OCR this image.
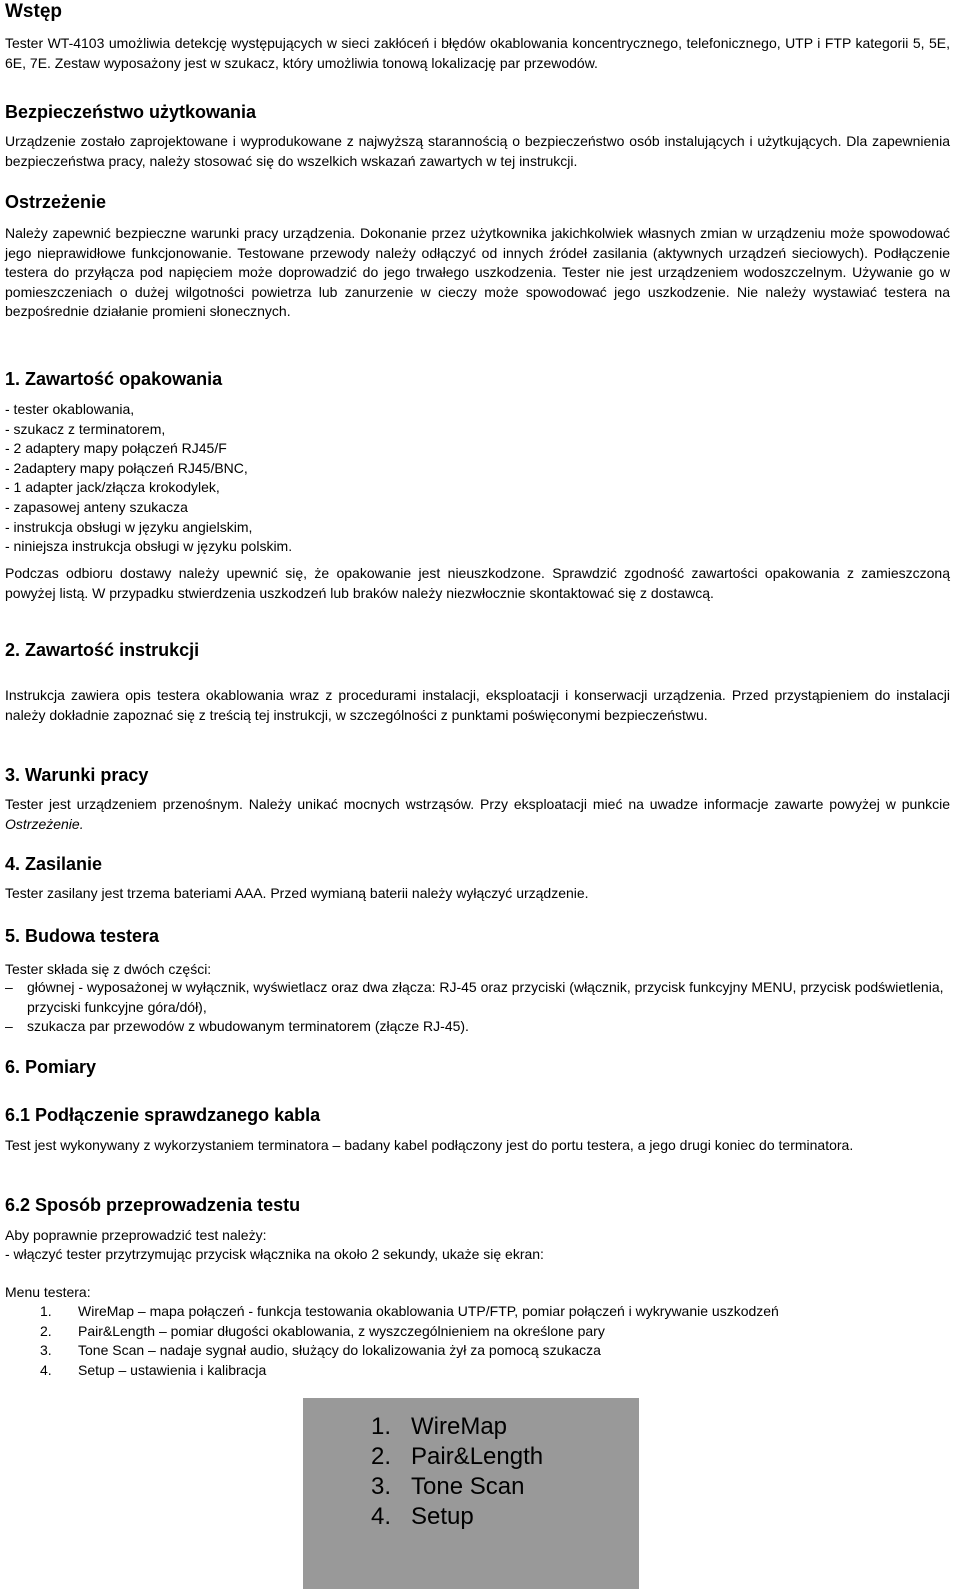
Wstęp

Tester WT-4103 umożliwia detekcję występujących w sieci zakłóceń i błędów okablowania koncentrycznego, telefonicznego, UTP i FTP kategorii 5, 5E, 6E, 7E. Zestaw wyposażony jest w szukacz, który umożliwia tonową lokalizację par przewodów.

Bezpieczeństwo użytkowania

Urządzenie zostało zaprojektowane i wyprodukowane z najwyższą starannością o bezpieczeństwo osób instalujących i użytkujących. Dla zapewnienia bezpieczeństwa pracy, należy stosować się do wszelkich wskazań zawartych w tej instrukcji.

Ostrzeżenie

Należy zapewnić bezpieczne warunki pracy urządzenia. Dokonanie przez użytkownika jakichkolwiek własnych zmian w urządzeniu może spowodować jego nieprawidłowe funkcjonowanie. Testowane przewody należy odłączyć od innych źródeł zasilania (aktywnych urządzeń sieciowych). Podłączenie testera do przyłącza pod napięciem może doprowadzić do jego trwałego uszkodzenia. Tester nie jest urządzeniem wodoszczelnym. Używanie go w pomieszczeniach o dużej wilgotności powietrza lub zanurzenie w cieczy może spowodować jego uszkodzenie. Nie należy wystawiać testera na bezpośrednie działanie promieni słonecznych.

1. Zawartość opakowania
- tester okablowania,
- szukacz z terminatorem,
- 2 adaptery mapy połączeń RJ45/F
- 2adaptery mapy połączeń RJ45/BNC,
- 1 adapter jack/złącza krokodylek,
- zapasowej anteny szukacza
- instrukcja obsługi w języku angielskim,
- niniejsza instrukcja obsługi w języku polskim.

Podczas odbioru dostawy należy upewnić się, że opakowanie jest nieuszkodzone. Sprawdzić zgodność zawartości opakowania z zamieszczoną powyżej listą. W przypadku stwierdzenia uszkodzeń lub braków należy niezwłocznie skontaktować się z dostawcą.

2. Zawartość instrukcji

Instrukcja zawiera opis testera okablowania wraz z procedurami instalacji, eksploatacji i konserwacji urządzenia. Przed przystąpieniem do instalacji należy dokładnie zapoznać się z treścią tej instrukcji, w szczególności z punktami poświęconymi bezpieczeństwu.

3. Warunki pracy

Tester jest urządzeniem przenośnym. Należy unikać mocnych wstrząsów. Przy eksploatacji mieć na uwadze informacje zawarte powyżej w punkcie Ostrzeżenie.

4. Zasilanie

Tester zasilany jest trzema bateriami AAA. Przed wymianą baterii należy wyłączyć urządzenie.

5. Budowa testera

Tester składa się z dwóch części:

– głównej - wyposażonej w wyłącznik, wyświetlacz oraz dwa złącza: RJ-45 oraz przyciski (włącznik, przycisk funkcyjny MENU, przycisk podświetlenia, przyciski funkcyjne góra/dół),
– szukacza par przewodów z wbudowanym terminatorem (złącze RJ-45).
6. Pomiary
6.1 Podłączenie sprawdzanego kabla

Test jest wykonywany z wykorzystaniem terminatora – badany kabel podłączony jest do portu testera, a jego drugi koniec do terminatora.

6.2 Sposób przeprowadzenia testu

Aby poprawnie przeprowadzić test należy:

- włączyć tester przytrzymując przycisk włącznika na około 2 sekundy, ukaże się ekran:

Menu testera:

1. WireMap – mapa połączeń - funkcja testowania okablowania UTP/FTP, pomiar połączeń i wykrywanie uszkodzeń
2. Pair&Length – pomiar długości okablowania, z wyszczególnieniem na określone pary
3. Tone Scan – nadaje sygnał audio, służący do lokalizowania żył za pomocą szukacza
4. Setup – ustawienia i kalibracja
1. WireMap
2. Pair&Length
3. Tone Scan
4. Setup
